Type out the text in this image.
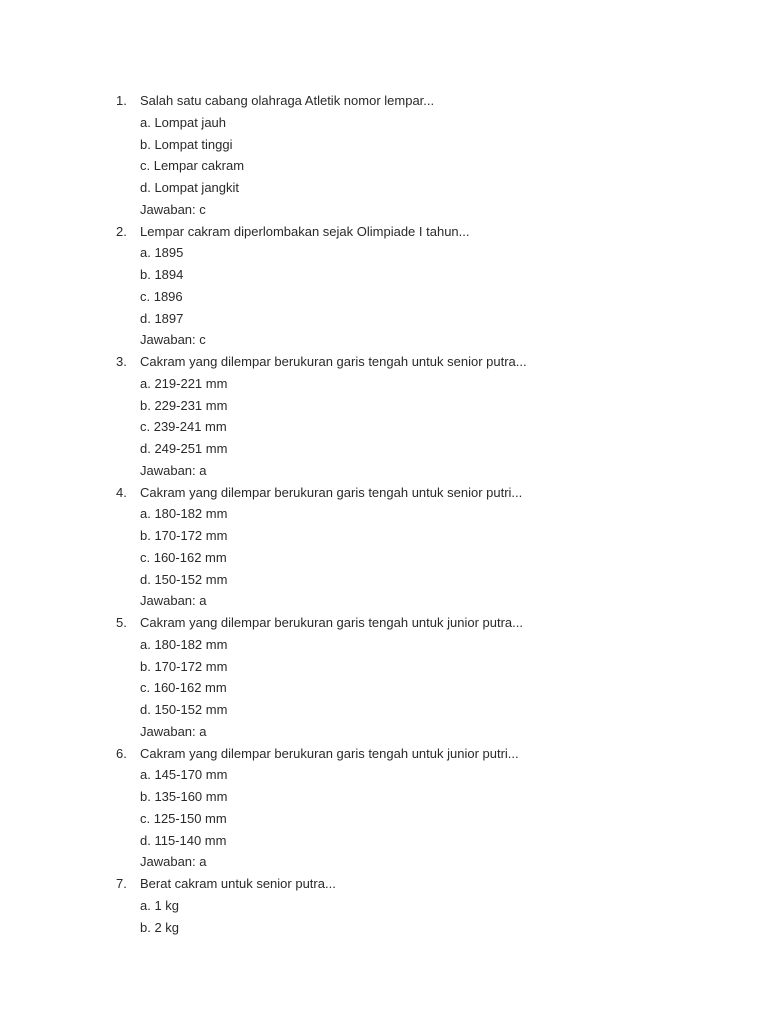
1. Salah satu cabang olahraga Atletik nomor lempar...
a. Lompat jauh
b. Lompat tinggi
c. Lempar cakram
d. Lompat jangkit
Jawaban: c
2. Lempar cakram diperlombakan sejak Olimpiade I tahun...
a. 1895
b. 1894
c. 1896
d. 1897
Jawaban: c
3. Cakram yang dilempar berukuran garis tengah untuk senior putra...
a. 219-221 mm
b. 229-231 mm
c. 239-241 mm
d. 249-251 mm
Jawaban: a
4. Cakram yang dilempar berukuran garis tengah untuk senior putri...
a. 180-182 mm
b. 170-172 mm
c. 160-162 mm
d. 150-152 mm
Jawaban: a
5. Cakram yang dilempar berukuran garis tengah untuk junior putra...
a. 180-182 mm
b. 170-172 mm
c. 160-162 mm
d. 150-152 mm
Jawaban: a
6. Cakram yang dilempar berukuran garis tengah untuk junior putri...
a. 145-170 mm
b. 135-160 mm
c. 125-150 mm
d. 115-140 mm
Jawaban: a
7. Berat cakram untuk senior putra...
a. 1 kg
b. 2 kg
